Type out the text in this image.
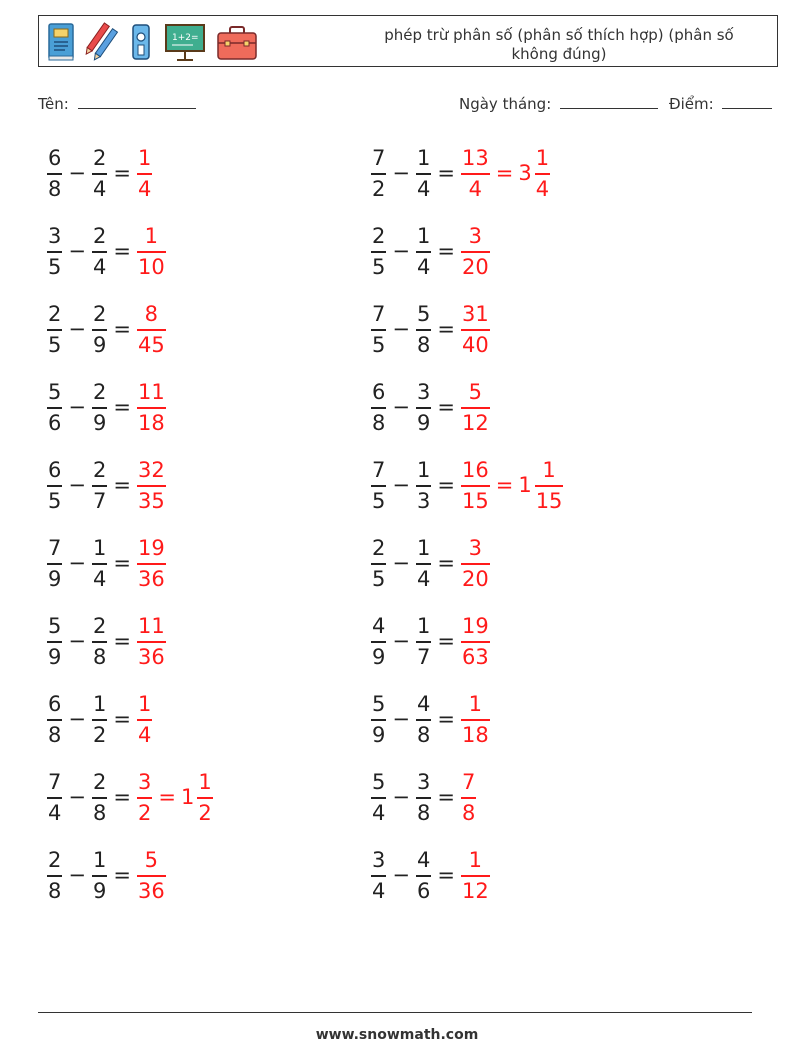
1+2=	phép trừ phân số (phân số thích hợp) (phân số không đúng)
Tên:	Ngày tháng:	Điểm:
$\frac{6}{8} - \frac{2}{4} = \frac{1}{4}$
$\frac{3}{5} - \frac{2}{4} = \frac{1}{10}$
$\frac{2}{5} - \frac{2}{9} = \frac{8}{45}$
$\frac{5}{6} - \frac{2}{9} = \frac{11}{18}$
$\frac{6}{5} - \frac{2}{7} = \frac{32}{35}$
$\frac{7}{9} - \frac{1}{4} = \frac{19}{36}$
$\frac{5}{9} - \frac{2}{8} = \frac{11}{36}$
$\frac{6}{8} - \frac{1}{2} = \frac{1}{4}$
$\frac{7}{4} - \frac{2}{8} = \frac{3}{2} = 1 \frac{1}{2}$
$\frac{2}{8} - \frac{1}{9} = \frac{5}{36}$
$\frac{7}{2} - \frac{1}{4} = \frac{13}{4} = 3 \frac{1}{4}$
$\frac{2}{5} - \frac{1}{4} = \frac{3}{20}$
$\frac{7}{5} - \frac{5}{8} = \frac{31}{40}$
$\frac{6}{8} - \frac{3}{9} = \frac{5}{12}$
$\frac{7}{5} - \frac{1}{3} = \frac{16}{15} = 1 \frac{1}{15}$
$\frac{2}{5} - \frac{1}{4} = \frac{3}{20}$
$\frac{4}{9} - \frac{1}{7} = \frac{19}{63}$
$\frac{5}{9} - \frac{4}{8} = \frac{1}{18}$
$\frac{5}{4} - \frac{3}{8} = \frac{7}{8}$
$\frac{3}{4} - \frac{4}{6} = \frac{1}{12}$
www.snowmath.com
